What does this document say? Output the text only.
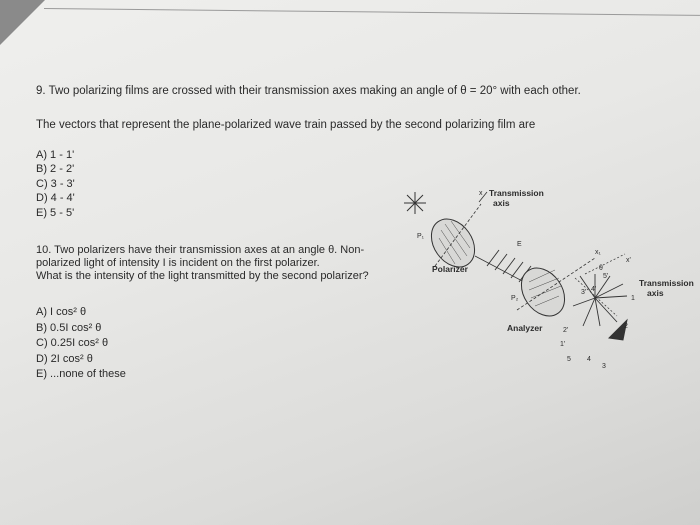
9. Two polarizing films are crossed with their transmission axes making an angle of θ = 20° with each other.
The vectors that represent the plane-polarized wave train passed by the second polarizing film are
A) 1 - 1'
B) 2 - 2'
C) 3 - 3'
D) 4 - 4'
E) 5 - 5'
10. Two polarizers have their transmission axes at an angle θ. Non-
polarized light of intensity I is incident on the first polarizer.
What is the intensity of the light transmitted by the second polarizer?
A) I cos² θ
B) 0.5I cos² θ
C) 0.25I cos² θ
D) 2I cos² θ
E) ...none of these
x Transmission
axis
P₁
Polarizer
E
P₂
Analyzer
x₁
x'
θ
1
2
3
4
5
1'
2'
3' 4'
5'
Transmission
axis
